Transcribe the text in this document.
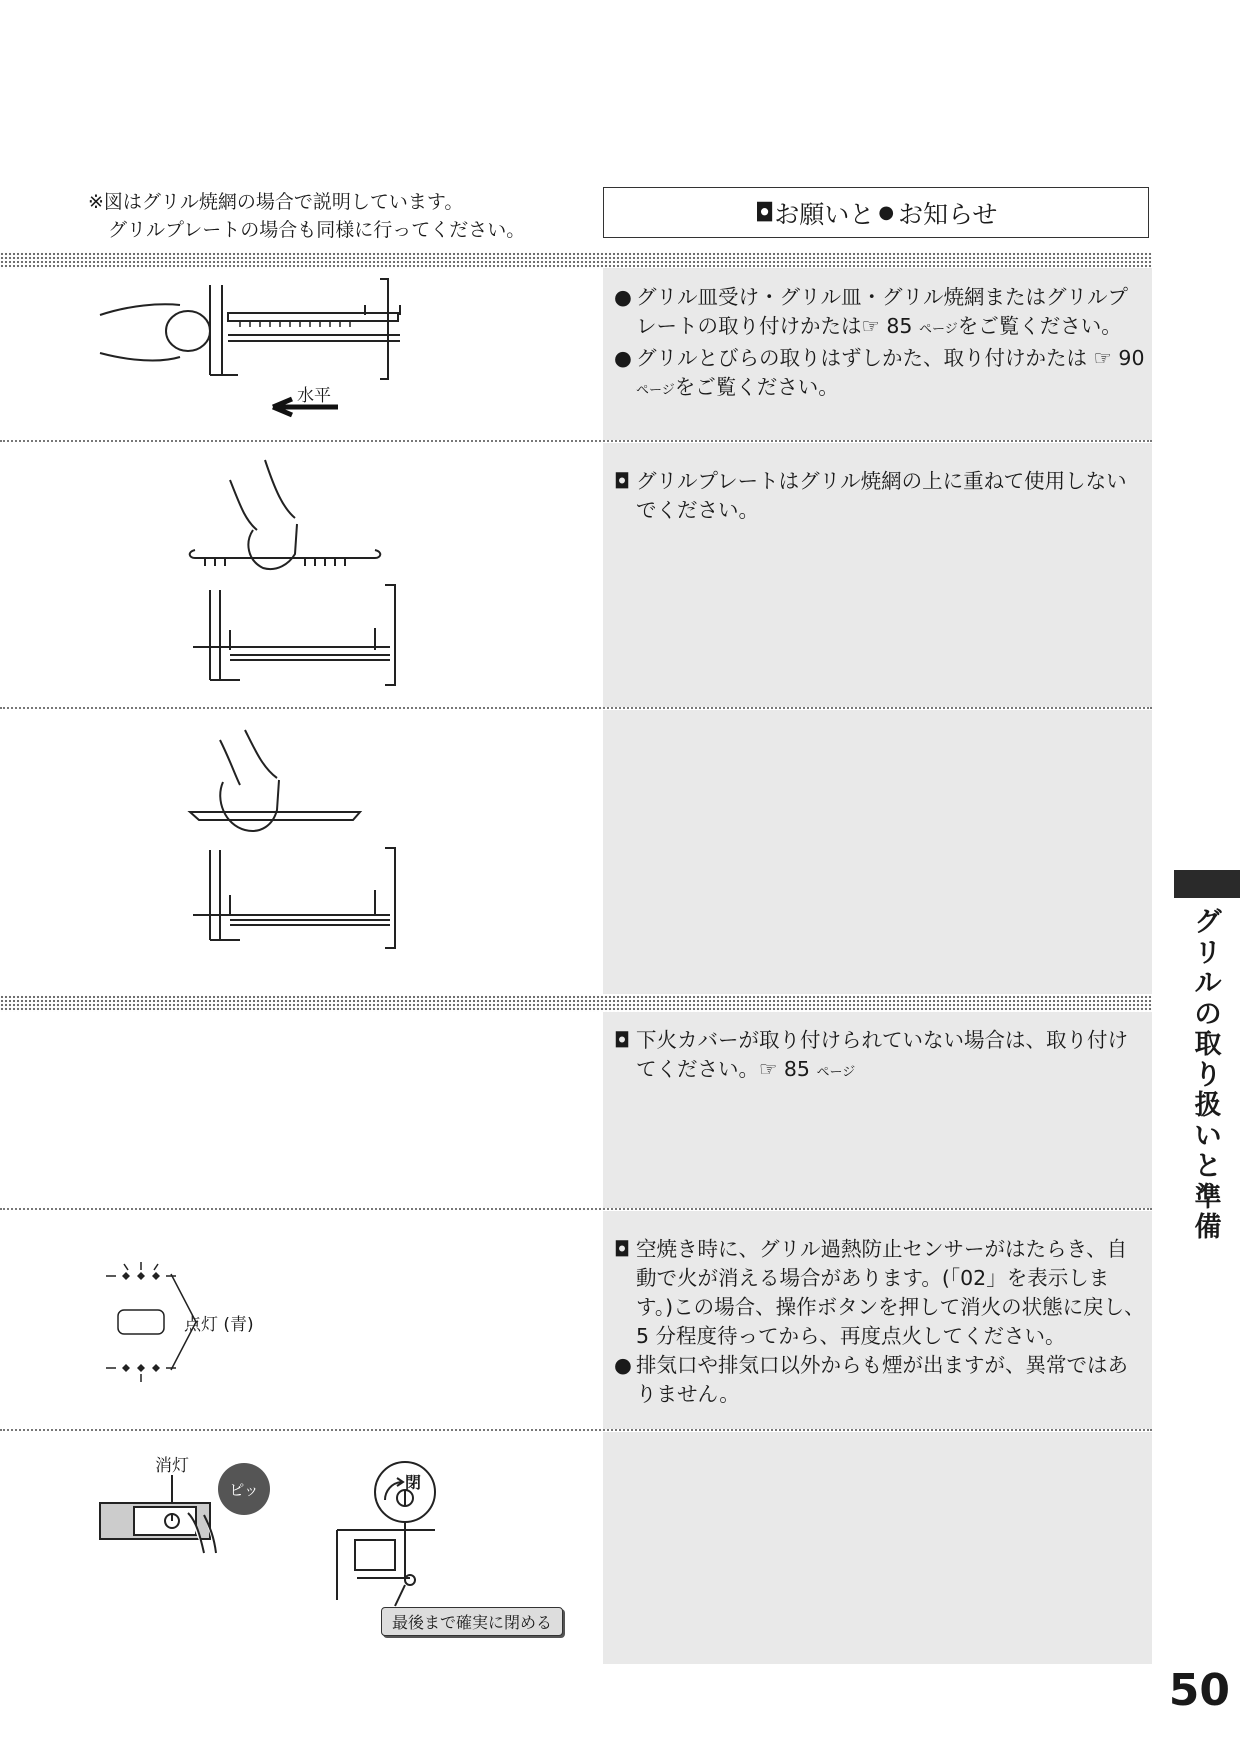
※図はグリル焼網の場合で説明しています。
グリルプレートの場合も同様に行ってください。
◘ お願いと ● お知らせ

● グリル皿受け・グリル皿・グリル焼網またはグリルプレートの取り付けかたは☞ 85 ページをご覧ください。

● グリルとびらの取りはずしかた、取り付けかたは ☞ 90 ページをご覧ください。

◘ グリルプレートはグリル焼網の上に重ねて使用しないでください。

◘ 下火カバーが取り付けられていない場合は、取り付けてください。☞ 85 ページ

◘ 空焼き時に、グリル過熱防止センサーがはたらき、自動で火が消える場合があります。(「02」を表示します。)この場合、操作ボタンを押して消火の状態に戻し、5 分程度待ってから、再度点火してください。

● 排気口や排気口以外からも煙が出ますが、異常ではありません。

水平
点灯 (青)
消灯
ピッ	閉
最後まで確実に閉める
グ
リ
ル
の
取
り
扱
い
と
準
備
50
